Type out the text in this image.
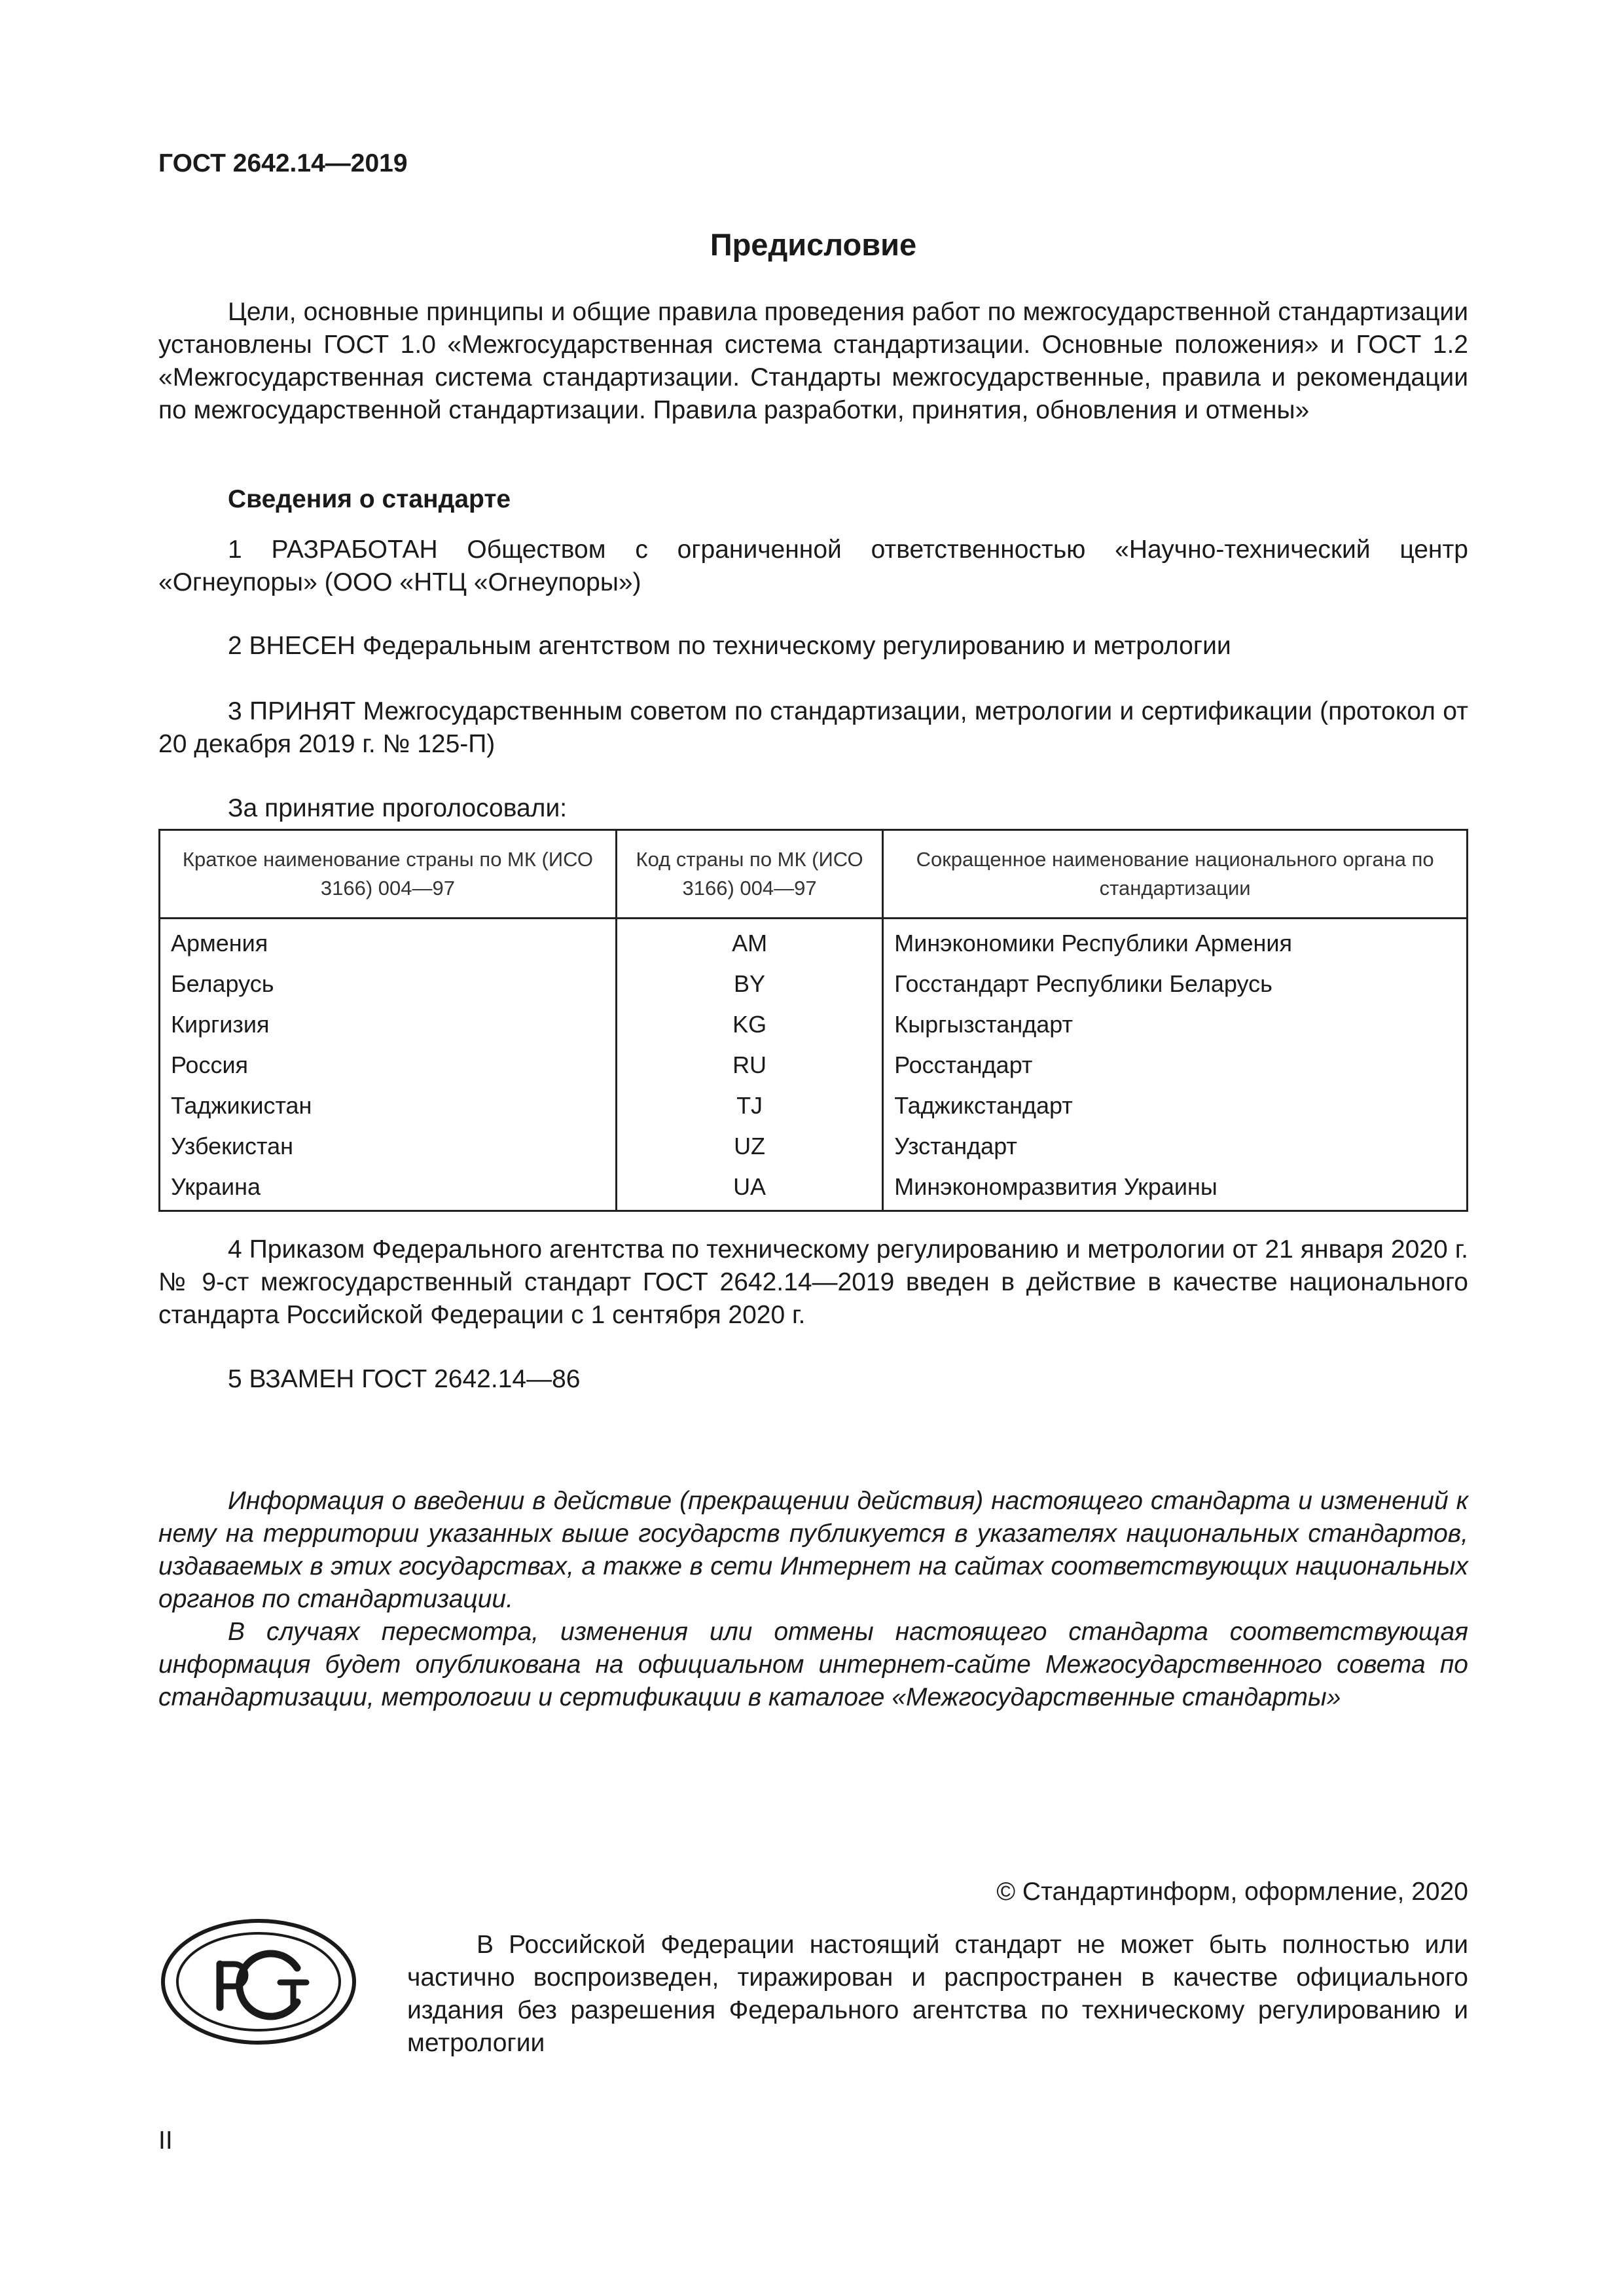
ГОСТ 2642.14—2019
Предисловие
Цели, основные принципы и общие правила проведения работ по межгосударственной стандартизации установлены ГОСТ 1.0 «Межгосударственная система стандартизации. Основные положения» и ГОСТ 1.2 «Межгосударственная система стандартизации. Стандарты межгосударственные, правила и рекомендации по межгосударственной стандартизации. Правила разработки, принятия, обновления и отмены»
Сведения о стандарте
1 РАЗРАБОТАН Обществом с ограниченной ответственностью «Научно-технический центр «Огнеупоры» (ООО «НТЦ «Огнеупоры»)
2 ВНЕСЕН Федеральным агентством по техническому регулированию и метрологии
3 ПРИНЯТ Межгосударственным советом по стандартизации, метрологии и сертификации (протокол от 20 декабря 2019 г. № 125-П)
За принятие проголосовали:
Краткое наименование страны по МК (ИСО 3166) 004—97	Код страны по МК (ИСО 3166) 004—97	Сокращенное наименование национального органа по стандартизации
Армения	AM	Минэкономики Республики Армения
Беларусь	BY	Госстандарт Республики Беларусь
Киргизия	KG	Кыргызстандарт
Россия	RU	Росстандарт
Таджикистан	TJ	Таджикстандарт
Узбекистан	UZ	Узстандарт
Украина	UA	Минэкономразвития Украины
4 Приказом Федерального агентства по техническому регулированию и метрологии от 21 января 2020 г. № 9-ст межгосударственный стандарт ГОСТ 2642.14—2019 введен в действие в качестве национального стандарта Российской Федерации с 1 сентября 2020 г.
5 ВЗАМЕН ГОСТ 2642.14—86
Информация о введении в действие (прекращении действия) настоящего стандарта и изменений к нему на территории указанных выше государств публикуется в указателях национальных стандартов, издаваемых в этих государствах, а также в сети Интернет на сайтах соответствующих национальных органов по стандартизации.
В случаях пересмотра, изменения или отмены настоящего стандарта соответствующая информация будет опубликована на официальном интернет-сайте Межгосударственного совета по стандартизации, метрологии и сертификации в каталоге «Межгосударственные стандарты»
© Стандартинформ, оформление, 2020
В Российской Федерации настоящий стандарт не может быть полностью или частично воспроизведен, тиражирован и распространен в качестве официального издания без разрешения Федерального агентства по техническому регулированию и метрологии
II
